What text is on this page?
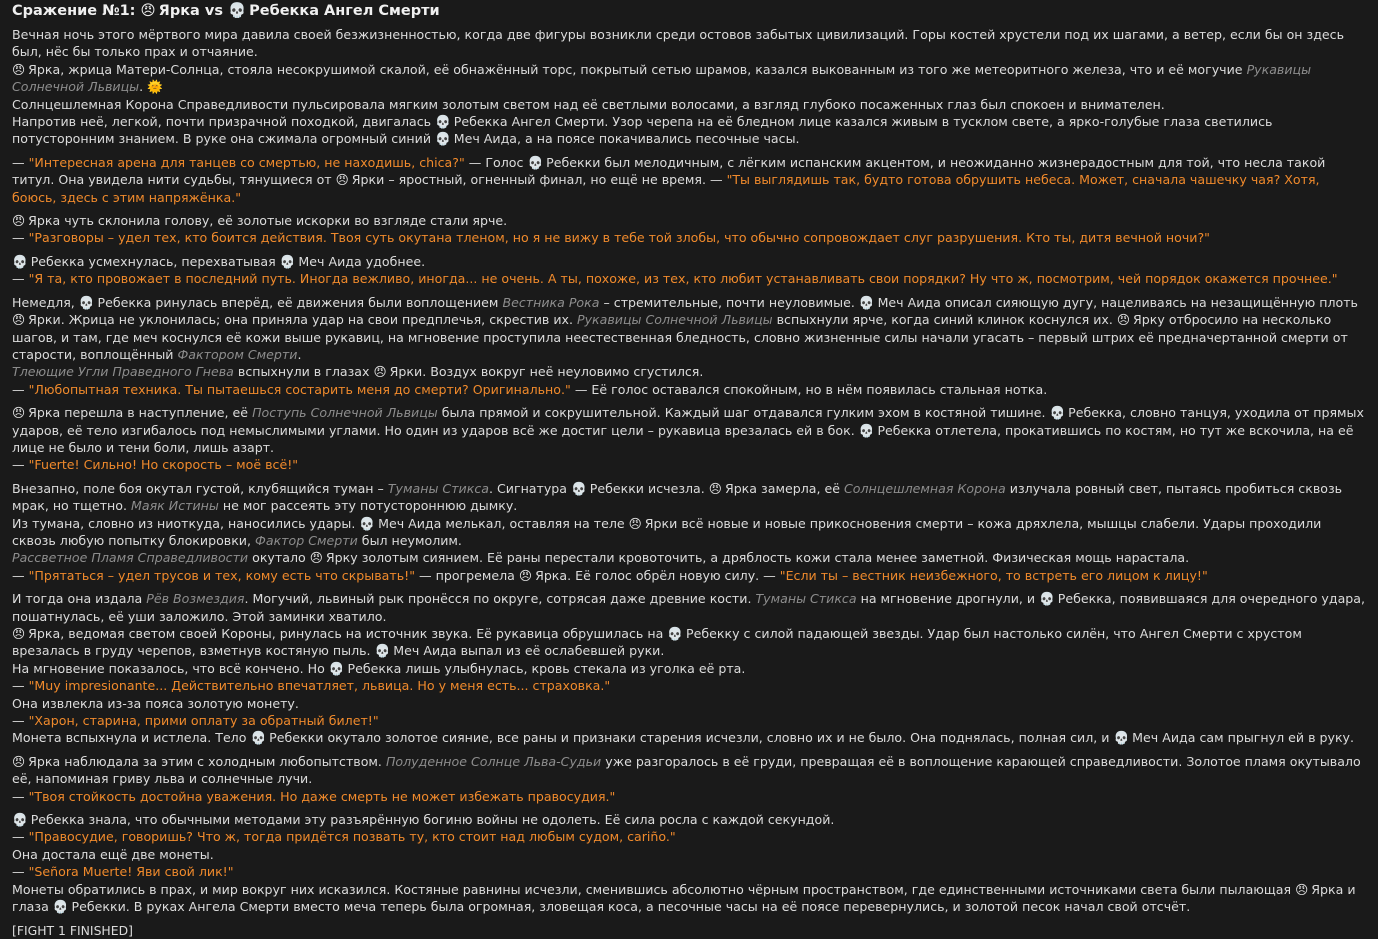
Сражение №1: 😠 Ярка vs 💀 Ребекка Ангел Смерти

Вечная ночь этого мёртвого мира давила своей безжизненностью, когда две фигуры возникли среди остовов забытых цивилизаций. Горы костей хрустели под их шагами, а ветер, если бы он здесь был, нёс бы только прах и отчаяние.
😠 Ярка, жрица Матери-Солнца, стояла несокрушимой скалой, её обнажённый торс, покрытый сетью шрамов, казался выкованным из того же метеоритного железа, что и её могучие Рукавицы Солнечной Львицы. 🌞
Солнцешлемная Корона Справедливости пульсировала мягким золотым светом над её светлыми волосами, а взгляд глубоко посаженных глаз был спокоен и внимателен.
Напротив неё, легкой, почти призрачной походкой, двигалась 💀 Ребекка Ангел Смерти. Узор черепа на её бледном лице казался живым в тусклом свете, а ярко-голубые глаза светились потусторонним знанием. В руке она сжимала огромный синий 💀 Меч Аида, а на поясе покачивались песочные часы.

— "Интересная арена для танцев со смертью, не находишь, chica?" — Голос 💀 Ребекки был мелодичным, с лёгким испанским акцентом, и неожиданно жизнерадостным для той, что несла такой титул. Она увидела нити судьбы, тянущиеся от 😠 Ярки – яростный, огненный финал, но ещё не время. — "Ты выглядишь так, будто готова обрушить небеса. Может, сначала чашечку чая? Хотя, боюсь, здесь с этим напряжёнка."

😠 Ярка чуть склонила голову, её золотые искорки во взгляде стали ярче.
— "Разговоры – удел тех, кто боится действия. Твоя суть окутана тленом, но я не вижу в тебе той злобы, что обычно сопровождает слуг разрушения. Кто ты, дитя вечной ночи?"

💀 Ребекка усмехнулась, перехватывая 💀 Меч Аида удобнее.
— "Я та, кто провожает в последний путь. Иногда вежливо, иногда... не очень. А ты, похоже, из тех, кто любит устанавливать свои порядки? Ну что ж, посмотрим, чей порядок окажется прочнее."

Немедля, 💀 Ребекка ринулась вперёд, её движения были воплощением Вестника Рока – стремительные, почти неуловимые. 💀 Меч Аида описал сияющую дугу, нацеливаясь на незащищённую плоть 😠 Ярки. Жрица не уклонилась; она приняла удар на свои предплечья, скрестив их. Рукавицы Солнечной Львицы вспыхнули ярче, когда синий клинок коснулся их. 😠 Ярку отбросило на несколько шагов, и там, где меч коснулся её кожи выше рукавиц, на мгновение проступила неестественная бледность, словно жизненные силы начали угасать – первый штрих её предначертанной смерти от старости, воплощённый Фактором Смерти.
Тлеющие Угли Праведного Гнева вспыхнули в глазах 😠 Ярки. Воздух вокруг неё неуловимо сгустился.
— "Любопытная техника. Ты пытаешься состарить меня до смерти? Оригинально." — Её голос оставался спокойным, но в нём появилась стальная нотка.

😠 Ярка перешла в наступление, её Поступь Солнечной Львицы была прямой и сокрушительной. Каждый шаг отдавался гулким эхом в костяной тишине. 💀 Ребекка, словно танцуя, уходила от прямых ударов, её тело изгибалось под немыслимыми углами. Но один из ударов всё же достиг цели – рукавица врезалась ей в бок. 💀 Ребекка отлетела, прокатившись по костям, но тут же вскочила, на её лице не было и тени боли, лишь азарт.
— "Fuerte! Сильно! Но скорость – моё всё!"

Внезапно, поле боя окутал густой, клубящийся туман – Туманы Стикса. Сигнатура 💀 Ребекки исчезла. 😠 Ярка замерла, её Солнцешлемная Корона излучала ровный свет, пытаясь пробиться сквозь мрак, но тщетно. Маяк Истины не мог рассеять эту потустороннюю дымку.
Из тумана, словно из ниоткуда, наносились удары. 💀 Меч Аида мелькал, оставляя на теле 😠 Ярки всё новые и новые прикосновения смерти – кожа дряхлела, мышцы слабели. Удары проходили сквозь любую попытку блокировки, Фактор Смерти был неумолим.
Рассветное Пламя Справедливости окутало 😠 Ярку золотым сиянием. Её раны перестали кровоточить, а дряблость кожи стала менее заметной. Физическая мощь нарастала.
— "Прятаться – удел трусов и тех, кому есть что скрывать!" — прогремела 😠 Ярка. Её голос обрёл новую силу. — "Если ты – вестник неизбежного, то встреть его лицом к лицу!"

И тогда она издала Рёв Возмездия. Могучий, львиный рык пронёсся по округе, сотрясая даже древние кости. Туманы Стикса на мгновение дрогнули, и 💀 Ребекка, появившаяся для очередного удара, пошатнулась, её уши заложило. Этой заминки хватило.
😠 Ярка, ведомая светом своей Короны, ринулась на источник звука. Её рукавица обрушилась на 💀 Ребекку с силой падающей звезды. Удар был настолько силён, что Ангел Смерти с хрустом врезалась в груду черепов, взметнув костяную пыль. 💀 Меч Аида выпал из её ослабевшей руки.
На мгновение показалось, что всё кончено. Но 💀 Ребекка лишь улыбнулась, кровь стекала из уголка её рта.
— "Muy impresionante... Действительно впечатляет, львица. Но у меня есть... страховка."
Она извлекла из-за пояса золотую монету.
— "Харон, старина, прими оплату за обратный билет!"
Монета вспыхнула и истлела. Тело 💀 Ребекки окутало золотое сияние, все раны и признаки старения исчезли, словно их и не было. Она поднялась, полная сил, и 💀 Меч Аида сам прыгнул ей в руку.

😠 Ярка наблюдала за этим с холодным любопытством. Полуденное Солнце Льва-Судьи уже разгоралось в её груди, превращая её в воплощение карающей справедливости. Золотое пламя окутывало её, напоминая гриву льва и солнечные лучи.
— "Твоя стойкость достойна уважения. Но даже смерть не может избежать правосудия."

💀 Ребекка знала, что обычными методами эту разъярённую богиню войны не одолеть. Её сила росла с каждой секундой.
— "Правосудие, говоришь? Что ж, тогда придётся позвать ту, кто стоит над любым судом, cariño."
Она достала ещё две монеты.
— "Señora Muerte! Яви свой лик!"
Монеты обратились в прах, и мир вокруг них исказился. Костяные равнины исчезли, сменившись абсолютно чёрным пространством, где единственными источниками света были пылающая 😠 Ярка и глаза 💀 Ребекки. В руках Ангела Смерти вместо меча теперь была огромная, зловещая коса, а песочные часы на её поясе перевернулись, и золотой песок начал свой отсчёт.

[FIGHT 1 FINISHED]
